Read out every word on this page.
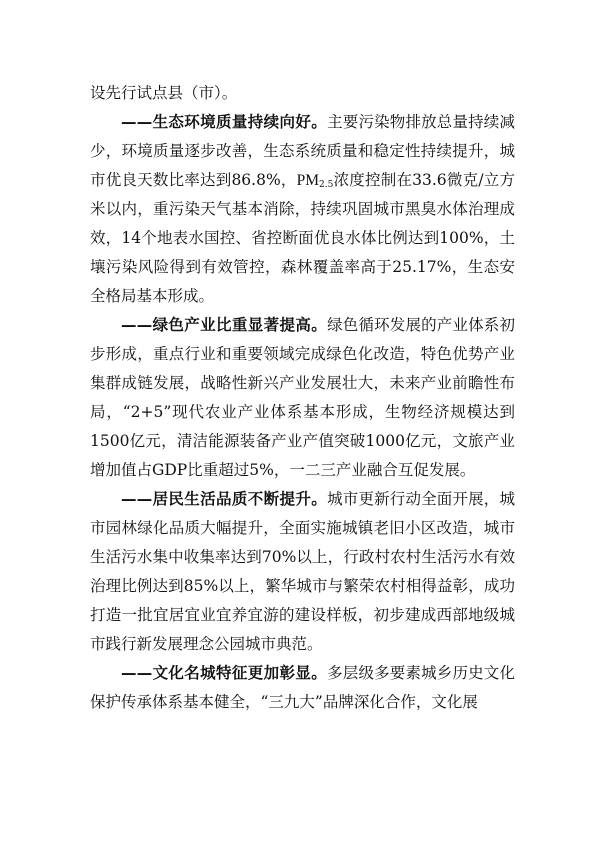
设先行试点县（市）。

——生态环境质量持续向好。主要污染物排放总量持续减少，环境质量逐步改善，生态系统质量和稳定性持续提升，城市优良天数比率达到86.8%，$PM_{2.5}$浓度控制在33.6微克/立方米以内，重污染天气基本消除，持续巩固城市黑臭水体治理成效，14个地表水国控、省控断面优良水体比例达到100%，土壤污染风险得到有效管控，森林覆盖率高于25.17%，生态安全格局基本形成。

——绿色产业比重显著提高。绿色循环发展的产业体系初步形成，重点行业和重要领域完成绿色化改造，特色优势产业集群成链发展，战略性新兴产业发展壮大，未来产业前瞻性布局，“2+5”现代农业产业体系基本形成，生物经济规模达到1500亿元，清洁能源装备产业产值突破1000亿元，文旅产业增加值占GDP比重超过5%，一二三产业融合互促发展。

——居民生活品质不断提升。城市更新行动全面开展，城市园林绿化品质大幅提升，全面实施城镇老旧小区改造，城市生活污水集中收集率达到70%以上，行政村农村生活污水有效治理比例达到85%以上，繁华城市与繁荣农村相得益彰，成功打造一批宜居宜业宜养宜游的建设样板，初步建成西部地级城市践行新发展理念公园城市典范。

——文化名城特征更加彰显。多层级多要素城乡历史文化保护传承体系基本健全，“三九大”品牌深化合作，文化展
